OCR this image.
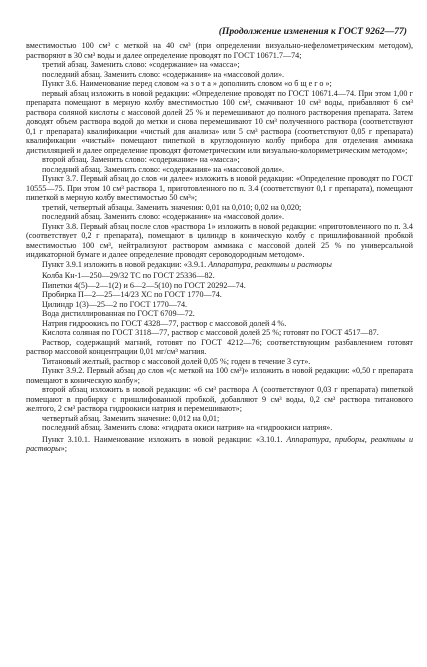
(Продолжение изменения к ГОСТ 9262—77)

вместимостью 100 см³ с меткой на 40 см³ (при определении визуально-нефелометрическим методом), растворяют в 30 см³ воды и далее определение проводят по ГОСТ 10671.7—74;

третий абзац. Заменить слово: «содержание» на «масса»;

последний абзац. Заменить слово: «содержания» на «массовой доли».

Пункт 3.6. Наименование перед словом «азота» дополнить словом «общего»;

первый абзац изложить в новой редакции: «Определение проводят по ГОСТ 10671.4—74. При этом 1,00 г препарата помещают в мерную колбу вместимостью 100 см³, смачивают 10 см³ воды, прибавляют 6 см³ раствора соляной кислоты с массовой долей 25 % и перемешивают до полного растворения препарата. Затем доводят объем раствора водой до метки и снова перемешивают 10 см³ полученного раствора (соответствуют 0,1 г препарата) квалификации «чистый для анализа» или 5 см³ раствора (соответствуют 0,05 г препарата) квалификации «чистый» помещают пипеткой в круглодонную колбу прибора для отделения аммиака дистилляцией и далее определение проводят фотометрическим или визуально-колориметрическим методом»;

второй абзац. Заменить слово: «содержание» на «масса»;

последний абзац. Заменить слово: «содержания» на «массовой доли».

Пункт 3.7. Первый абзац до слов «и далее» изложить в новой редакции: «Определение проводят по ГОСТ 10555—75. При этом 10 см³ раствора 1, приготовленного по п. 3.4 (соответствуют 0,1 г препарата), помещают пипеткой в мерную колбу вместимостью 50 см³»;

третий, четвертый абзацы. Заменить значения: 0,01 на 0,010; 0,02 на 0,020;

последний абзац. Заменить слово: «содержания» на «массовой доли».

Пункт 3.8. Первый абзац после слов «раствора 1» изложить в новой редакции: «приготовленного по п. 3.4 (соответствует 0,2 г препарата), помещают в цилиндр в коническую колбу с пришлифованной пробкой вместимостью 100 см³, нейтрализуют раствором аммиака с массовой долей 25 % по универсальной индикаторной бумаге и далее определение проводят сероводородным методом».

Пункт 3.9.1 изложить в новой редакции: «3.9.1. Аппаратура, реактивы и растворы

Колба Кн-1—250—29/32 ТС по ГОСТ 25336—82.

Пипетки 4(5)—2—1(2) и 6—2—5(10) по ГОСТ 20292—74.

Пробирка П—2—25—14/23 ХС по ГОСТ 1770—74.

Цилиндр 1(3)—25—2 по ГОСТ 1770—74.

Вода дистиллированная по ГОСТ 6709—72.

Натрия гидроокись по ГОСТ 4328—77, раствор с массовой долей 4 %.

Кислота соляная по ГОСТ 3118—77, раствор с массовой долей 25 %; готовят по ГОСТ 4517—87.

Раствор, содержащий магний, готовят по ГОСТ 4212—76; соответствующим разбавлением готовят раствор массовой концентрации 0,01 мг/см³ магния.

Титановый желтый, раствор с массовой долей 0,05 %; годен в течение 3 сут».

Пункт 3.9.2. Первый абзац до слов «(с меткой на 100 см³)» изложить в новой редакции: «0,50 г препарата помещают в коническую колбу»;

второй абзац изложить в новой редакции: «6 см³ раствора А (соответствуют 0,03 г препарата) пипеткой помещают в пробирку с пришлифованной пробкой, добавляют 9 см³ воды, 0,2 см³ раствора титанового желтого, 2 см³ раствора гидроокиси натрия и перемешивают»;

четвертый абзац. Заменить значение: 0,012 на 0,01;

последний абзац. Заменить слова: «гидрата окиси натрия» на «гидроокиси натрия».

Пункт 3.10.1. Наименование изложить в новой редакции: «3.10.1. Аппаратура, приборы, реактивы и растворы»;
